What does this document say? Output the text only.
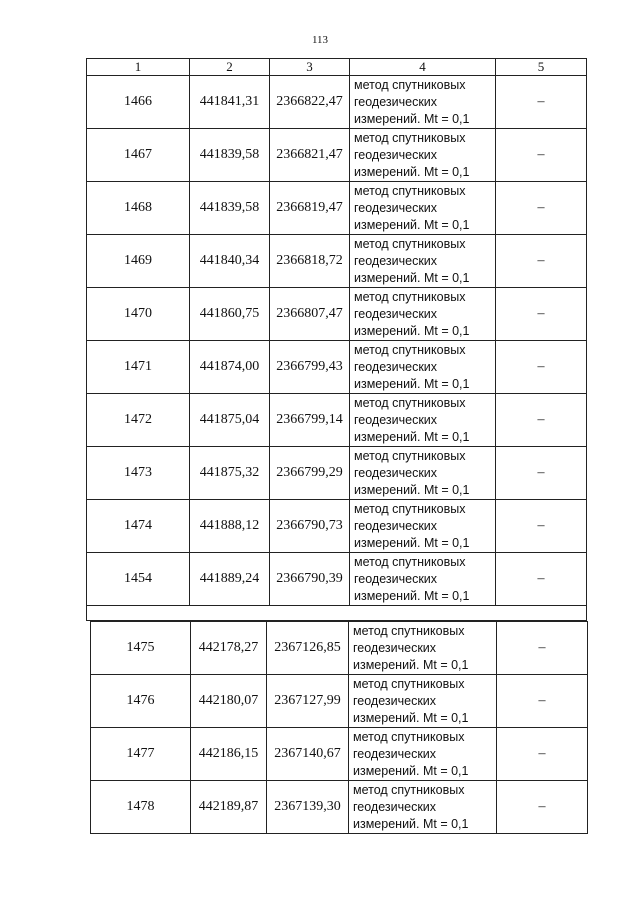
113
1	2	3	4	5
1466	441841,31	2366822,47	метод спутниковых
геодезических
измерений. Mt = 0,1	–
1467	441839,58	2366821,47	метод спутниковых
геодезических
измерений. Mt = 0,1	–
1468	441839,58	2366819,47	метод спутниковых
геодезических
измерений. Mt = 0,1	–
1469	441840,34	2366818,72	метод спутниковых
геодезических
измерений. Mt = 0,1	–
1470	441860,75	2366807,47	метод спутниковых
геодезических
измерений. Mt = 0,1	–
1471	441874,00	2366799,43	метод спутниковых
геодезических
измерений. Mt = 0,1	–
1472	441875,04	2366799,14	метод спутниковых
геодезических
измерений. Mt = 0,1	–
1473	441875,32	2366799,29	метод спутниковых
геодезических
измерений. Mt = 0,1	–
1474	441888,12	2366790,73	метод спутниковых
геодезических
измерений. Mt = 0,1	–
1454	441889,24	2366790,39	метод спутниковых
геодезических
измерений. Mt = 0,1	–

1475	442178,27	2367126,85	метод спутниковых
геодезических
измерений. Mt = 0,1	–
1476	442180,07	2367127,99	метод спутниковых
геодезических
измерений. Mt = 0,1	–
1477	442186,15	2367140,67	метод спутниковых
геодезических
измерений. Mt = 0,1	–
1478	442189,87	2367139,30	метод спутниковых
геодезических
измерений. Mt = 0,1	–
